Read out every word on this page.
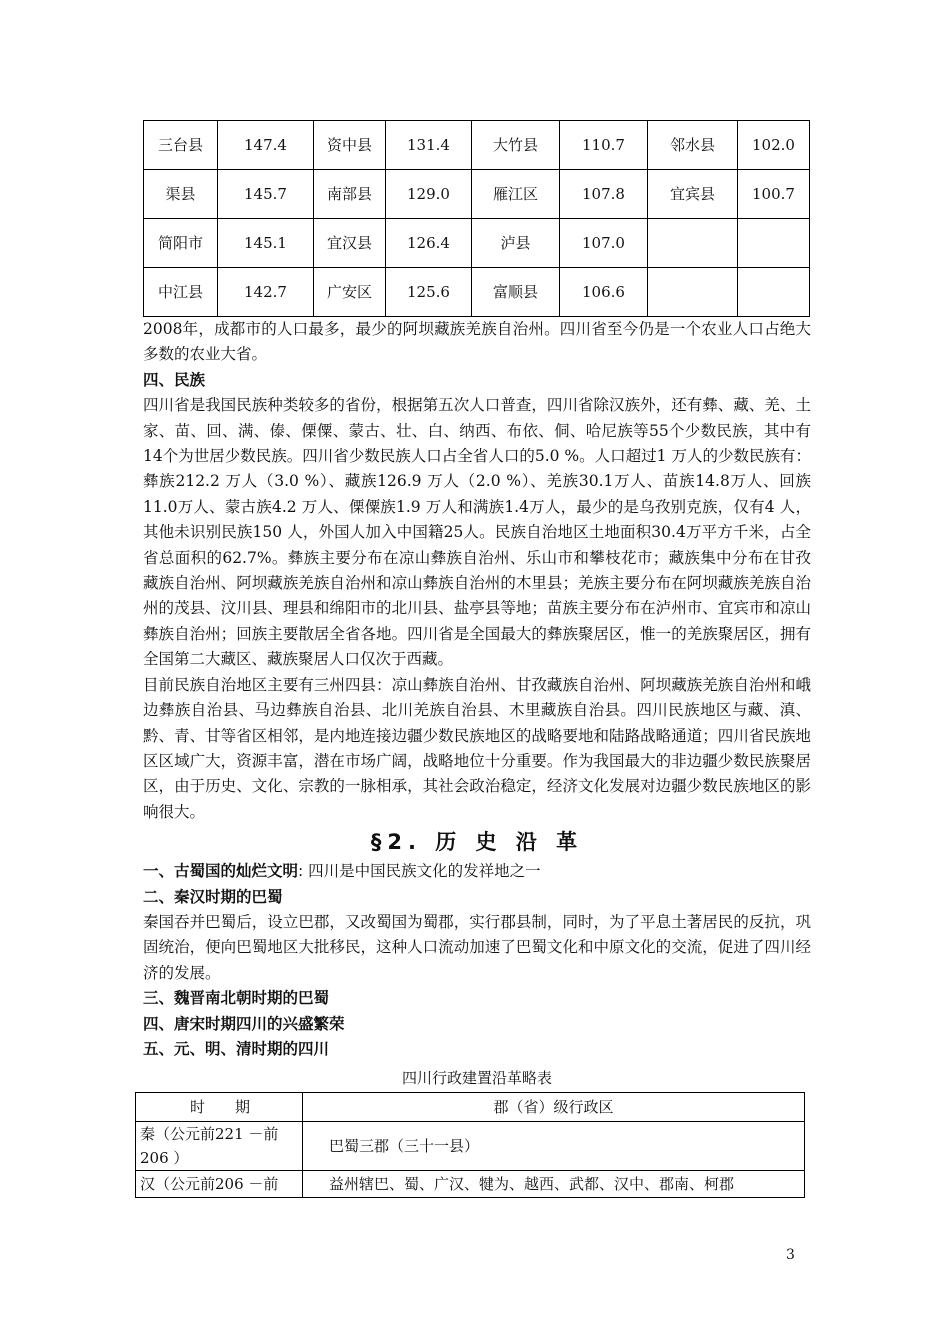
三台县	147.4	资中县	131.4	大竹县	110.7	邻水县	102.0
渠县	145.7	南部县	129.0	雁江区	107.8	宜宾县	100.7
简阳市	145.1	宜汉县	126.4	泸县	107.0		
中江县	142.7	广安区	125.6	富顺县	106.6		

2008年，成都市的人口最多，最少的阿坝藏族羌族自治州。四川省至今仍是一个农业人口占绝大多数的农业大省。

四、民族

四川省是我国民族种类较多的省份，根据第五次人口普查，四川省除汉族外，还有彝、藏、羌、土家、苗、回、满、傣、傈僳、蒙古、壮、白、纳西、布依、侗、哈尼族等55个少数民族，其中有14个为世居少数民族。四川省少数民族人口占全省人口的5.0 %。人口超过1 万人的少数民族有：彝族212.2 万人（3.0 %）、藏族126.9 万人（2.0 %）、羌族30.1万人、苗族14.8万人、回族11.0万人、蒙古族4.2 万人、傈僳族1.9 万人和满族1.4万人，最少的是乌孜别克族，仅有4 人，其他未识别民族150 人，外国人加入中国籍25人。民族自治地区土地面积30.4万平方千米，占全省总面积的62.7%。彝族主要分布在凉山彝族自治州、乐山市和攀枝花市；藏族集中分布在甘孜藏族自治州、阿坝藏族羌族自治州和凉山彝族自治州的木里县；羌族主要分布在阿坝藏族羌族自治州的茂县、汶川县、理县和绵阳市的北川县、盐亭县等地；苗族主要分布在泸州市、宜宾市和凉山彝族自治州；回族主要散居全省各地。四川省是全国最大的彝族聚居区，惟一的羌族聚居区，拥有全国第二大藏区、藏族聚居人口仅次于西藏。

目前民族自治地区主要有三州四县：凉山彝族自治州、甘孜藏族自治州、阿坝藏族羌族自治州和峨边彝族自治县、马边彝族自治县、北川羌族自治县、木里藏族自治县。四川民族地区与藏、滇、黔、青、甘等省区相邻，是内地连接边疆少数民族地区的战略要地和陆路战略通道；四川省民族地区区域广大，资源丰富，潜在市场广阔，战略地位十分重要。作为我国最大的非边疆少数民族聚居区，由于历史、文化、宗教的一脉相承，其社会政治稳定，经济文化发展对边疆少数民族地区的影响很大。

§2. 历 史 沿 革

一、古蜀国的灿烂文明: 四川是中国民族文化的发祥地之一

二、秦汉时期的巴蜀

秦国吞并巴蜀后，设立巴郡，又改蜀国为蜀郡，实行郡县制，同时，为了平息土著居民的反抗，巩固统治，便向巴蜀地区大批移民，这种人口流动加速了巴蜀文化和中原文化的交流，促进了四川经济的发展。

三、魏晋南北朝时期的巴蜀

四、唐宋时期四川的兴盛繁荣

五、元、明、清时期的四川

四川行政建置沿革略表

时　　期	郡（省）级行政区
秦（公元前221 －前 206 ）	巴蜀三郡（三十一县）
汉（公元前206 －前	益州辖巴、蜀、广汉、犍为、越西、武都、汉中、郡南、柯郡
3
